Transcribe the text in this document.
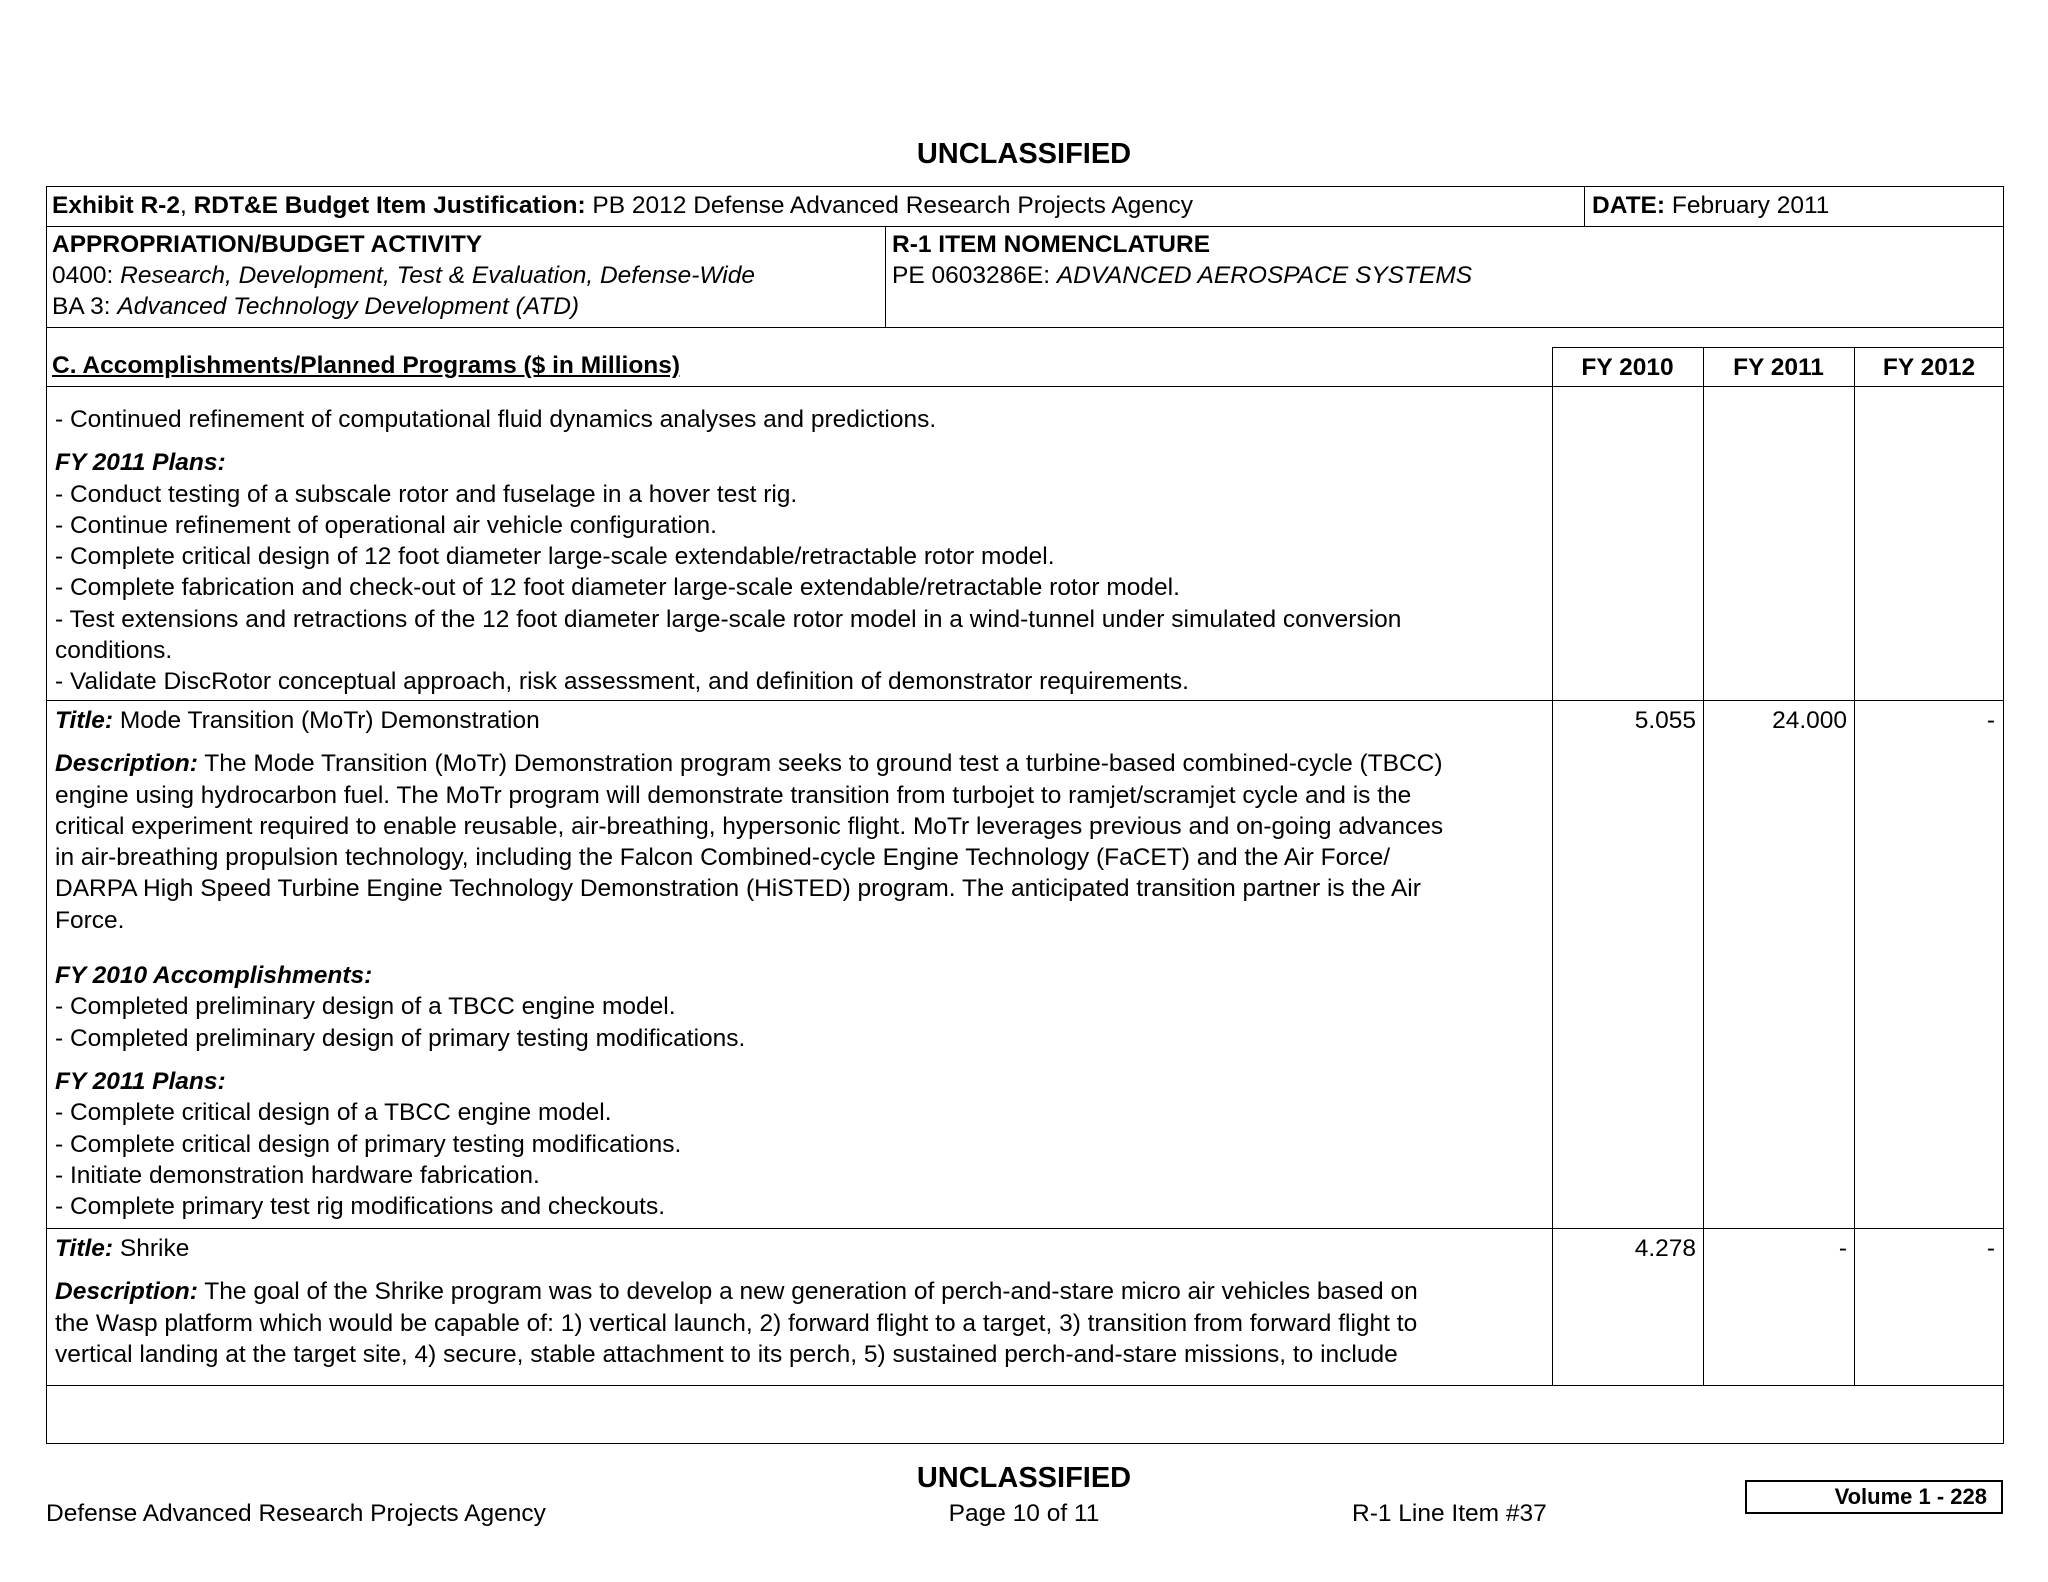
UNCLASSIFIED
Exhibit R-2, RDT&E Budget Item Justification: PB 2012 Defense Advanced Research Projects Agency	DATE: February 2011
APPROPRIATION/BUDGET ACTIVITY
0400: Research, Development, Test & Evaluation, Defense-Wide
BA 3: Advanced Technology Development (ATD)
R-1 ITEM NOMENCLATURE
PE 0603286E: ADVANCED AEROSPACE SYSTEMS
C. Accomplishments/Planned Programs ($ in Millions)	FY 2010	FY 2011	FY 2012

- Continued refinement of computational fluid dynamics analyses and predictions.

FY 2011 Plans:

- Conduct testing of a subscale rotor and fuselage in a hover test rig.

- Continue refinement of operational air vehicle configuration.

- Complete critical design of 12 foot diameter large-scale extendable/retractable rotor model.

- Complete fabrication and check-out of 12 foot diameter large-scale extendable/retractable rotor model.

- Test extensions and retractions of the 12 foot diameter large-scale rotor model in a wind-tunnel under simulated conversion

conditions.

- Validate DiscRotor conceptual approach, risk assessment, and definition of demonstrator requirements.

Title: Mode Transition (MoTr) Demonstration

Description: The Mode Transition (MoTr) Demonstration program seeks to ground test a turbine-based combined-cycle (TBCC)

engine using hydrocarbon fuel. The MoTr program will demonstrate transition from turbojet to ramjet/scramjet cycle and is the

critical experiment required to enable reusable, air-breathing, hypersonic flight. MoTr leverages previous and on-going advances

in air-breathing propulsion technology, including the Falcon Combined-cycle Engine Technology (FaCET) and the Air Force/

DARPA High Speed Turbine Engine Technology Demonstration (HiSTED) program. The anticipated transition partner is the Air

Force.

FY 2010 Accomplishments:

- Completed preliminary design of a TBCC engine model.

- Completed preliminary design of primary testing modifications.

FY 2011 Plans:

- Complete critical design of a TBCC engine model.

- Complete critical design of primary testing modifications.

- Initiate demonstration hardware fabrication.

- Complete primary test rig modifications and checkouts.

5.055	24.000	-

Title: Shrike

Description: The goal of the Shrike program was to develop a new generation of perch-and-stare micro air vehicles based on

the Wasp platform which would be capable of: 1) vertical launch, 2) forward flight to a target, 3) transition from forward flight to

vertical landing at the target site, 4) secure, stable attachment to its perch, 5) sustained perch-and-stare missions, to include

4.278	-	-
UNCLASSIFIED
Defense Advanced Research Projects Agency	Page 10 of 11	R-1 Line Item #37
Volume 1 - 228
